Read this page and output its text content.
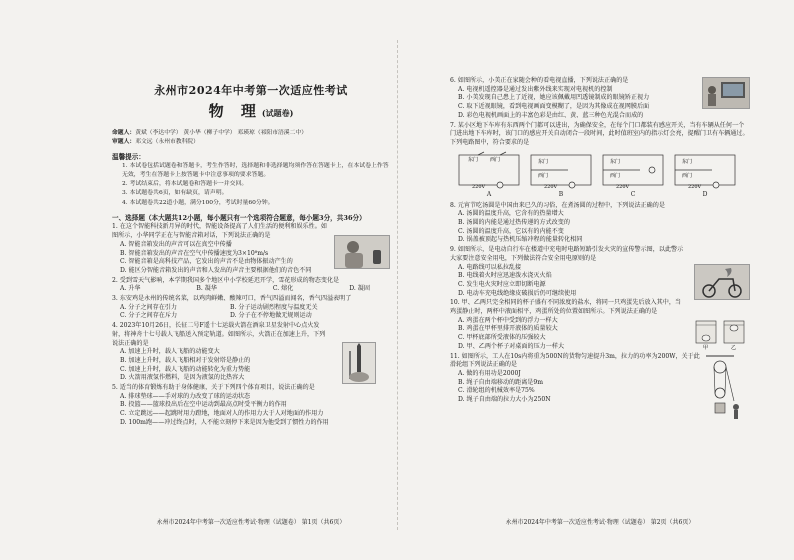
永州市2024年中考第一次适应性考试
物 理(试题卷)
命题人：黄斌（李达中学） 黄小华（柳子中学） 邓瑛琼（祁阳市浯溪二中）
审题人：邓文远（永州市教科院）
温馨提示：
1. 本试卷包括试题卷和答题卡，考生作答时，选择题和非选择题均须作答在答题卡上，在本试卷上作答无效，考生在答题卡上按答题卡中注意事项的要求答题。
2. 考试结束后，将本试题卷和答题卡一并交回。
3. 本试题卷共6页，如有缺页，请声明。
4. 本试题卷共22道小题，满分100分，考试时量60分钟。
一、选择题（本大题共12小题，每小题只有一个选项符合题意，每小题3分，共36分）
1. 在这个智能科技新月异的时代，智能设备提高了人们生活的便利和娱乐性。如图所示，小华同学正在与智能音箱对话，下列说法正确的是
A. 智能音箱发出的声音可以在真空中传播
B. 智能音箱发出的声音在空气中传播速度为3×10⁸m/s
C. 智能音箱是高科技产品，它发出的声音不是由物体振动产生的
D. 能区分智能音箱发出的声音和人发出的声音主要根据他们的音色不同
2. 受到雪天气影响，本学期我国多个地区中小学校延迟开学，雪花形成的物态变化是
A. 升华	B. 凝华	C. 熔化	D. 凝固
3. 东安鸡是永州的传统名菜，以鸡肉鲜嫩、酸辣可口，香气四溢而闻名，香气四溢表明了
A. 分子之间存在引力	B. 分子运动剧烈程度与温度无关
C. 分子之间存在斥力	D. 分子在不停地做无规则运动
4. 2023年10月26日，长征二号F遥十七运载火箭在酒泉卫星发射中心点火发射，将神舟十七号载人飞船送入预定轨道。如图所示，火箭正在加速上升，下列说法正确的是
A. 加速上升时，载人飞船的动能变大
B. 加速上升时，载人飞船相对于发射塔是静止的
C. 加速上升时，载人飞船的动能转化为重力势能
D. 火箭用液氢作燃料，是因为液氢的比热容大
5. 适当的体育锻炼有助于身体健康，关于下列四个体育项目，说法正确的是
A. 排球垫球——手对球的力改变了球的运动状态
B. 投篮——篮球投出后在空中运动到最高点时受平衡力的作用
C. 立定跳远——起跳时用力蹬地，地面对人的作用力大于人对地面的作用力
D. 100m跑——冲过终点时，人不能立刻停下来是因为他受到了惯性力的作用
永州市2024年中考第一次适应性考试·物理（试题卷） 第1页（共6页）
6. 如图所示，小美正在家随会种的看电视直播，下列说法正确的是
A. 电视机遥控器是通过发出紫外线来实现对电视机的控制
B. 小美发现自己患上了近视，她应该佩戴用凹透镜制成的眼镜矫正视力
C. 取下近视眼镜，看到电视画面变模糊了，是因为其像成在视网膜后面
D. 彩色电视机画面上的丰富色彩是由红、黄、蓝三种色光混合而成的
7. 某小区地下车库有东西两个门都可以进出，为确保安全，在每个门口都装有感应开关，当有车辆从任何一个门进出地下车库时，该门口的感应开关自动闭合一段时间，此时值班室内的指示灯会亮，提醒门卫有车辆通过。下列电路图中，符合要求的是
东门 西门
220V
A
东门
西门
220V
B
东门
西门
220V
C
东门
西门
220V
D
8. 元宵节吃汤圆是中国由来已久的习俗，在煮汤圆的过程中，下列说法正确的是
A. 汤圆的温度升高，它含有的热量增大
B. 汤圆的内能是通过热传递的方式改变的
C. 汤圆的温度升高，它以有的内能不变
D. 锅盖被顶起与热机压缩冲程的能量转化相同
9. 如图所示，是电动自行车在楼道中充电时电路短路引发火灾的宣传警示图，以此警示大家要注意安全用电，下列做法符合安全用电原则的是
A. 电路线可以私拉乱接
B. 电线着火时应迅速泼水浇灭火焰
C. 发生电火灾时应立即切断电源
D. 电动车充电线绝缘皮破损后仍可继续使用
10. 甲、乙两只完全相同的杯子盛有不同浓度的盐水，将同一只鸡蛋先后放入其中，当鸡蛋静止时，两杯中液面相平，鸡蛋所处的位置如图所示。下列说法正确的是
A. 鸡蛋在两个杯中受到的浮力一样大
B. 鸡蛋在甲杯里排开液体的质量较大
C. 甲杯底部所受液体的压强较大
D. 甲、乙两个杯子对桌面的压力一样大	甲	乙
11. 如图所示，工人在10s内将重为500N的货物匀速提升3m，拉力的功率为200W，关于此滑轮组下列说法正确的是
A. 做的有用功是2000J
B. 绳子自由端移动的距离是9m
C. 滑轮组的机械效率是75%
D. 绳子自由端的拉力大小为250N
永州市2024年中考第一次适应性考试·物理（试题卷） 第2页（共6页）
